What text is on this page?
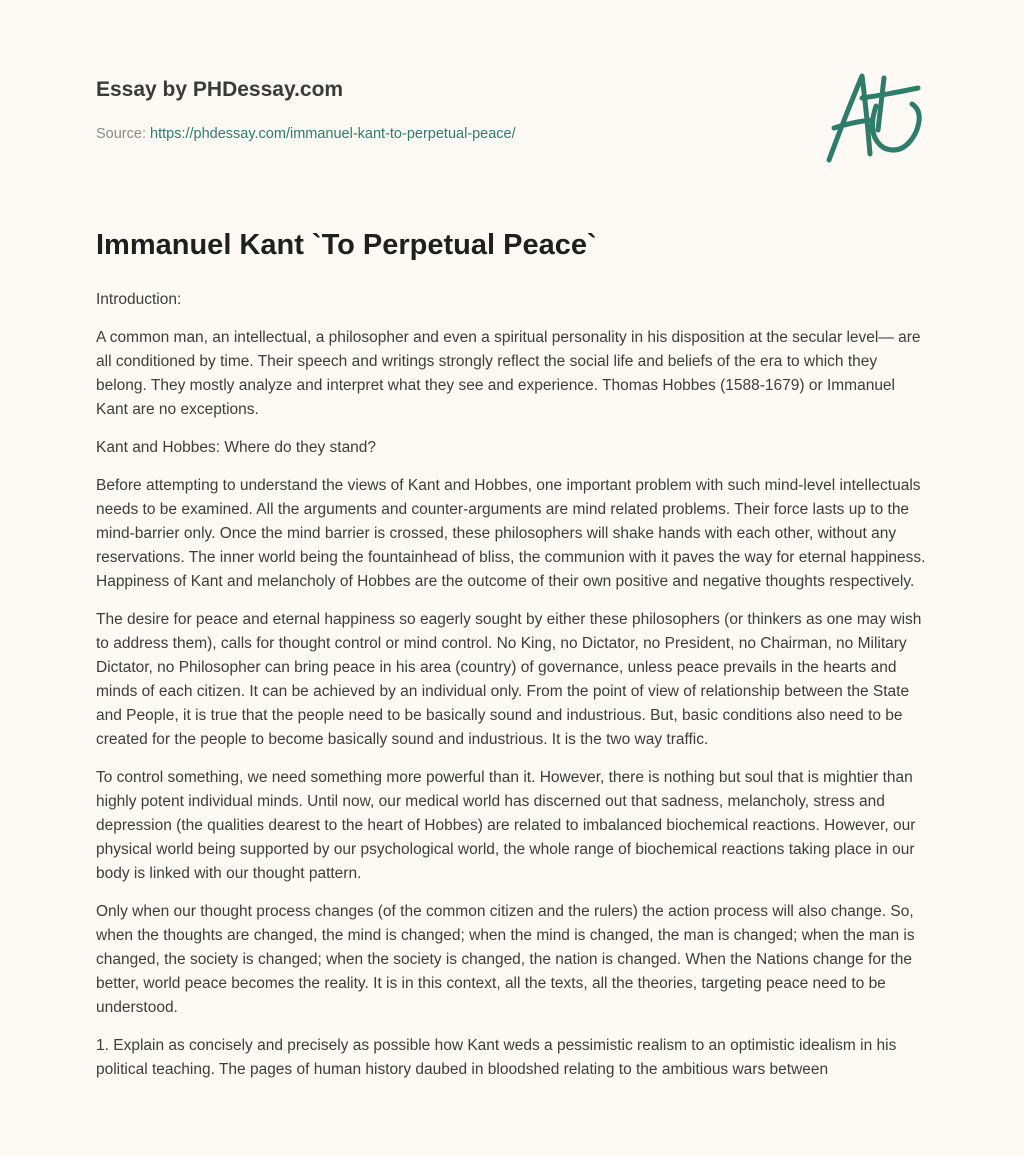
Essay by PHDessay.com

Source: https://phdessay.com/immanuel-kant-to-perpetual-peace/
Immanuel Kant `To Perpetual Peace`

Introduction:

A common man, an intellectual, a philosopher and even a spiritual personality in his disposition at the secular level— are all conditioned by time. Their speech and writings strongly reflect the social life and beliefs of the era to which they belong. They mostly analyze and interpret what they see and experience. Thomas Hobbes (1588-1679) or Immanuel Kant are no exceptions.

Kant and Hobbes: Where do they stand?

Before attempting to understand the views of Kant and Hobbes, one important problem with such mind-level intellectuals needs to be examined. All the arguments and counter-arguments are mind related problems. Their force lasts up to the mind-barrier only. Once the mind barrier is crossed, these philosophers will shake hands with each other, without any reservations. The inner world being the fountainhead of bliss, the communion with it paves the way for eternal happiness. Happiness of Kant and melancholy of Hobbes are the outcome of their own positive and negative thoughts respectively.

The desire for peace and eternal happiness so eagerly sought by either these philosophers (or thinkers as one may wish to address them), calls for thought control or mind control. No King, no Dictator, no President, no Chairman, no Military Dictator, no Philosopher can bring peace in his area (country) of governance, unless peace prevails in the hearts and minds of each citizen. It can be achieved by an individual only. From the point of view of relationship between the State and People, it is true that the people need to be basically sound and industrious. But, basic conditions also need to be created for the people to become basically sound and industrious. It is the two way traffic.

To control something, we need something more powerful than it. However, there is nothing but soul that is mightier than highly potent individual minds. Until now, our medical world has discerned out that sadness, melancholy, stress and depression (the qualities dearest to the heart of Hobbes) are related to imbalanced biochemical reactions. However, our physical world being supported by our psychological world, the whole range of biochemical reactions taking place in our body is linked with our thought pattern.

Only when our thought process changes (of the common citizen and the rulers) the action process will also change. So, when the thoughts are changed, the mind is changed; when the mind is changed, the man is changed; when the man is changed, the society is changed; when the society is changed, the nation is changed. When the Nations change for the better, world peace becomes the reality. It is in this context, all the texts, all the theories, targeting peace need to be understood.

1. Explain as concisely and precisely as possible how Kant weds a pessimistic realism to an optimistic idealism in his political teaching. The pages of human history daubed in bloodshed relating to the ambitious wars between
